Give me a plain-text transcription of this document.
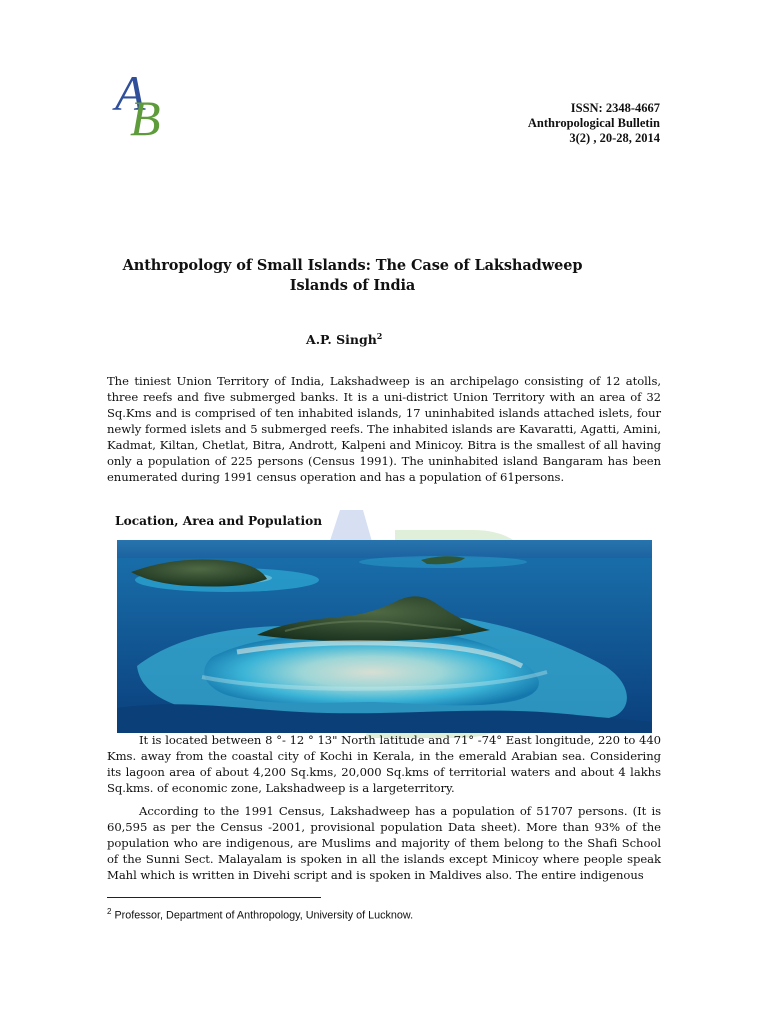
A
B	ISSN: 2348-4667
Anthropological Bulletin
3(2) , 20-28, 2014
Anthropology of Small Islands: The Case of Lakshadweep
Islands of India
A.P. Singh$^2$
The tiniest Union Territory of India, Lakshadweep is an archipelago consisting of 12 atolls, three reefs and five submerged banks. It is a uni-district Union Territory with an area of 32 Sq.Kms and is comprised of ten inhabited islands, 17 uninhabited islands attached islets, four newly formed islets and 5 submerged reefs. The inhabited islands are Kavaratti, Agatti, Amini, Kadmat, Kiltan, Chetlat, Bitra, Andrott, Kalpeni and Minicoy. Bitra is the smallest of all having only a population of 225 persons (Census 1991). The uninhabited island Bangaram has been enumerated during 1991 census operation and has a population of 61persons.
Location, Area and Population
It is located between 8 °- 12 ° 13" North latitude and 71° -74° East longitude, 220 to 440 Kms. away from the coastal city of Kochi in Kerala, in the emerald Arabian sea. Considering its lagoon area of about 4,200 Sq.kms, 20,000 Sq.kms of territorial waters and about 4 lakhs Sq.kms. of economic zone, Lakshadweep is a largeterritory.
According to the 1991 Census, Lakshadweep has a population of 51707 persons. (It is 60,595 as per the Census -2001, provisional population Data sheet). More than 93% of the population who are indigenous, are Muslims and majority of them belong to the Shafi School of the Sunni Sect. Malayalam is spoken in all the islands except Minicoy where people speak Mahl which is written in Divehi script and is spoken in Maldives also. The entire indigenous
$^2$ Professor, Department of Anthropology, University of Lucknow.
